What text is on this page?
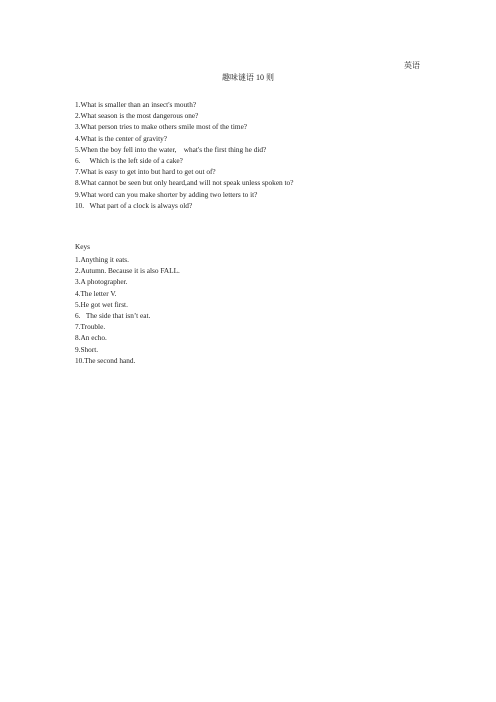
英语
趣味谜语 10 则
1.What is smaller than an insect's mouth?
2.What season is the most dangerous one?
3.What person tries to make others smile most of the time?
4.What is the center of gravity?
5.When the boy fell into the water,    what's the first thing he did?
6.     Which is the left side of a cake?
7.What is easy to get into but hard to get out of?
8.What cannot be seen but only heard,and will not speak unless spoken to?
9.What word can you make shorter by adding two letters to it?
10.   What part of a clock is always old?
Keys
1.Anything it eats.
2.Autumn. Because it is also FALL.
3.A photographer.
4.The letter V.
5.He got wet first.
6.   The side that isn’t eat.
7.Trouble.
8.An echo.
9.Short.
10.The second hand.
